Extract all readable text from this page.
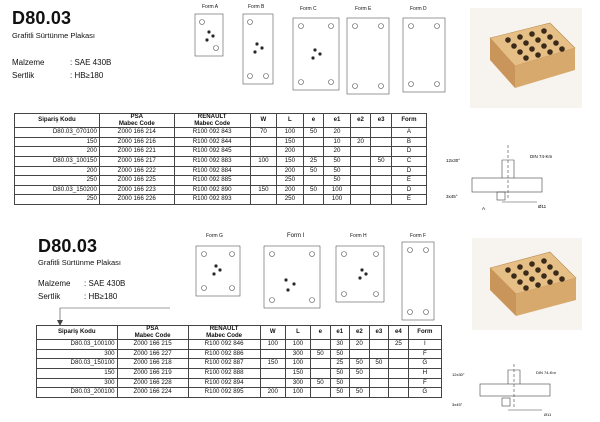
D80.03
Grafitli Sürtünme Plakası
Malzeme	: SAE 430B
Sertlik	: HB≥180
Form A	Form B	Form C	Form E	Form D
Sipariş Kodu	PSA
Mabec Code	RENAULT
Mabec Code	W	L	e	e1	e2	e3	Form
D80.03_070100	Z000 166 214	R100 092 843	70	100	50	20			A
150	Z000 166 216	R100 092 844		150		10	20		B
200	Z000 166 221	R100 092 845		200		20			D
D80.03_100150	Z000 166 217	R100 092 883	100	150	25	50		50	C
200	Z000 166 222	R100 092 884		200	50	50			D
250	Z000 166 225	R100 092 885		250		50			E
D80.03_150200	Z000 166 223	R100 092 890	150	200	50	100			D
250	Z000 166 226	R100 092 893		250		100			E
12x30°
3x45°
DIN 74-Km
Ø11
A
D80.03
Grafitli Sürtünme Plakası
Malzeme : SAE 430B
Sertlik	: HB≥180
Form G	Form I	Form H	Form F
Sipariş Kodu	PSA
Mabec Code	RENAULT
Mabec Code	W	L	e	e1	e2	e3	e4	Form
D80.03_100100	Z000 166 215	R100 092 846	100	100		30	20		25	I
300	Z000 166 227	R100 092 886		300	50	50				F
D80.03_150100	Z000 166 218	R100 092 887	150	100		25	50	50		G
150	Z000 166 219	R100 092 888		150		50	50			H
300	Z000 166 228	R100 092 894		300	50	50				F
D80.03_200100	Z000 166 224	R100 092 895	200	100		50	50			G
12x30°
3x45°
DIN 74-Km
Ø11
